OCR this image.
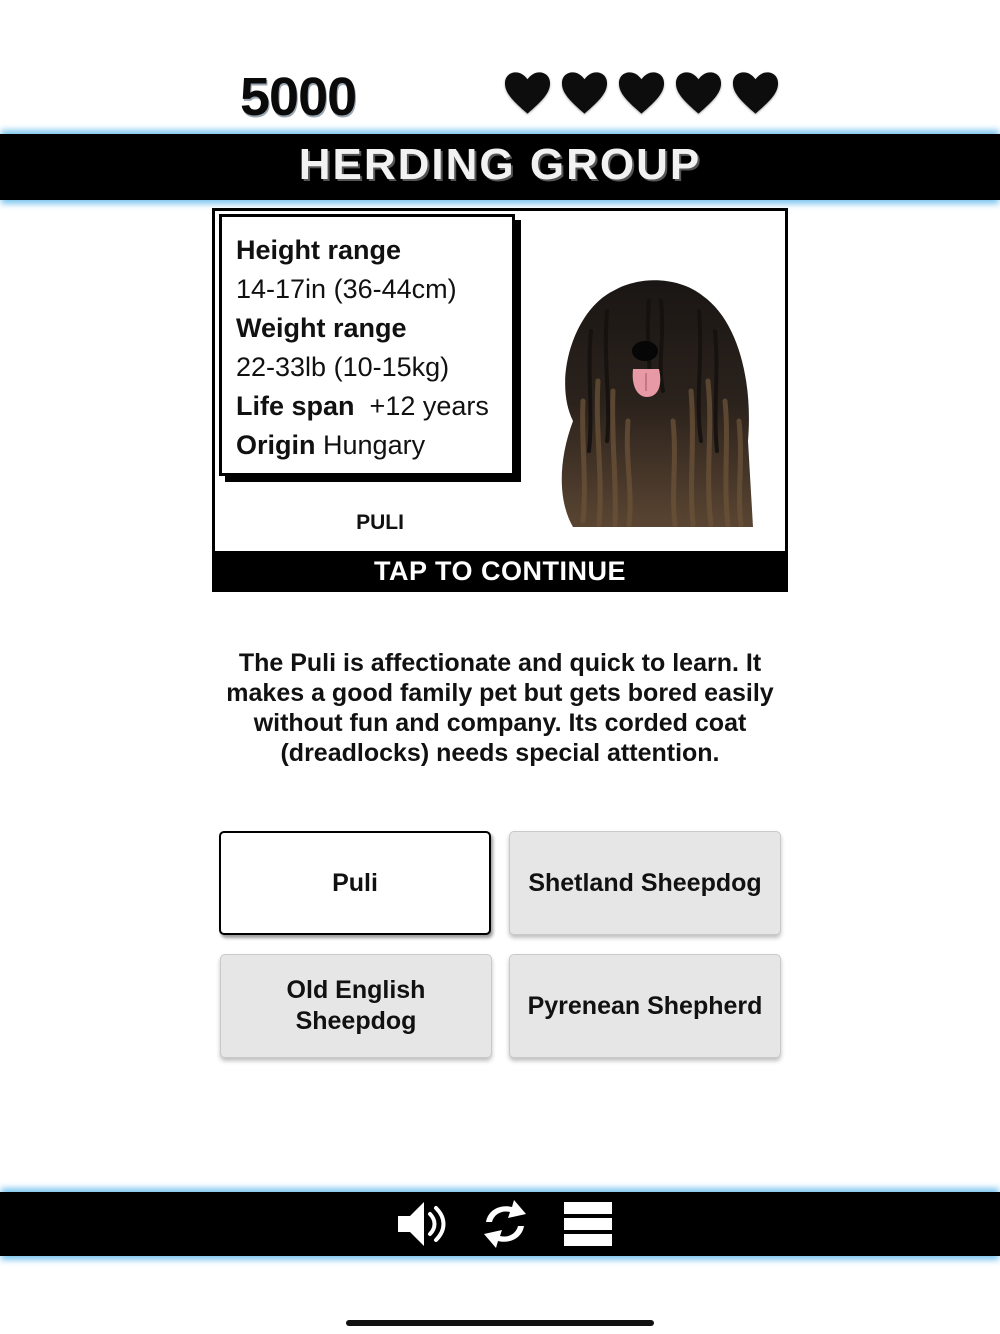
5000
HERDING GROUP
Height range
14-17in (36-44cm)
Weight range
22-33lb (10-15kg)
Life span +12 years
Origin Hungary
PULI
TAP TO CONTINUE
The Puli is affectionate and quick to learn. It makes a good family pet but gets bored easily without fun and company. Its corded coat (dreadlocks) needs special attention.
Puli	Shetland Sheepdog
Old English Sheepdog
Pyrenean Shepherd
